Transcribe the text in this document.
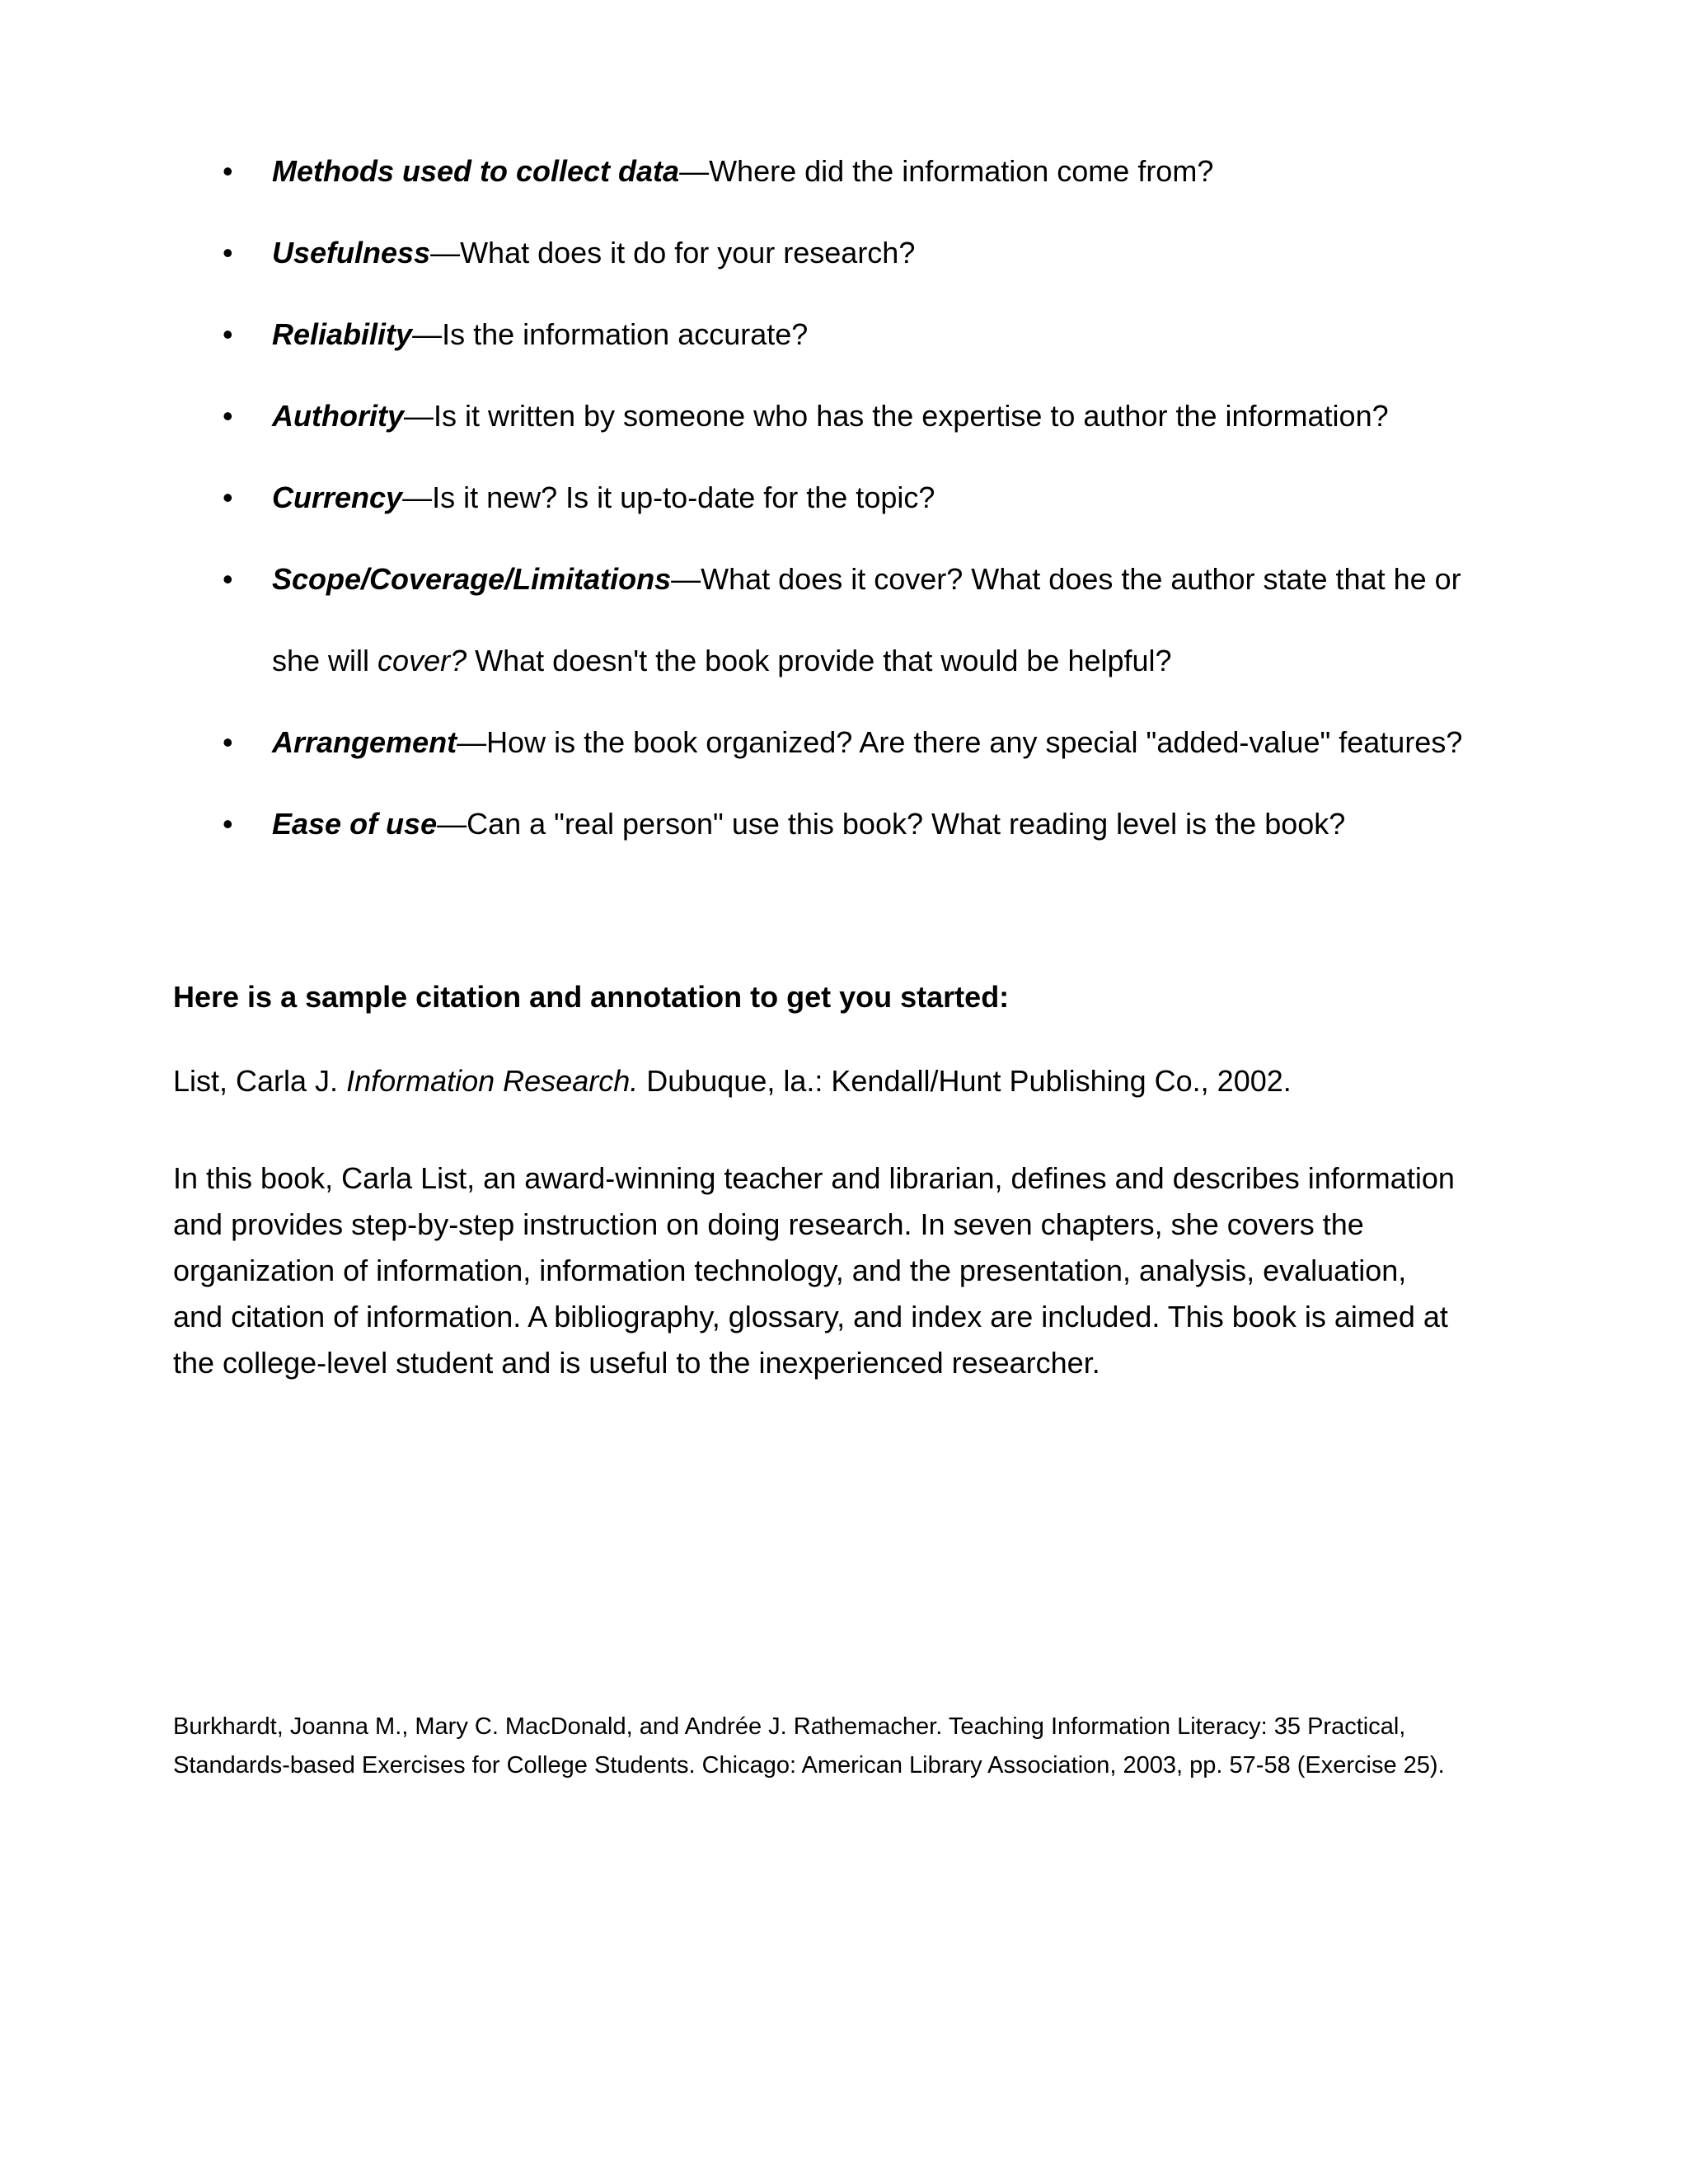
• Methods used to collect data—Where did the information come from?
• Usefulness—What does it do for your research?
• Reliability—Is the information accurate?
• Authority—Is it written by someone who has the expertise to author the information?
• Currency—Is it new? Is it up-to-date for the topic?
• Scope/Coverage/Limitations—What does it cover? What does the author state that he or
she will cover? What doesn't the book provide that would be helpful?
• Arrangement—How is the book organized? Are there any special "added-value" features?
• Ease of use—Can a "real person" use this book? What reading level is the book?
Here is a sample citation and annotation to get you started:
List, Carla J. Information Research. Dubuque, la.: Kendall/Hunt Publishing Co., 2002.
In this book, Carla List, an award-winning teacher and librarian, defines and describes information
and provides step-by-step instruction on doing research. In seven chapters, she covers the
organization of information, information technology, and the presentation, analysis, evaluation,
and citation of information. A bibliography, glossary, and index are included. This book is aimed at
the college-level student and is useful to the inexperienced researcher.
Burkhardt, Joanna M., Mary C. MacDonald, and Andrée J. Rathemacher. Teaching Information Literacy: 35 Practical,
Standards-based Exercises for College Students. Chicago: American Library Association, 2003, pp. 57-58 (Exercise 25).
